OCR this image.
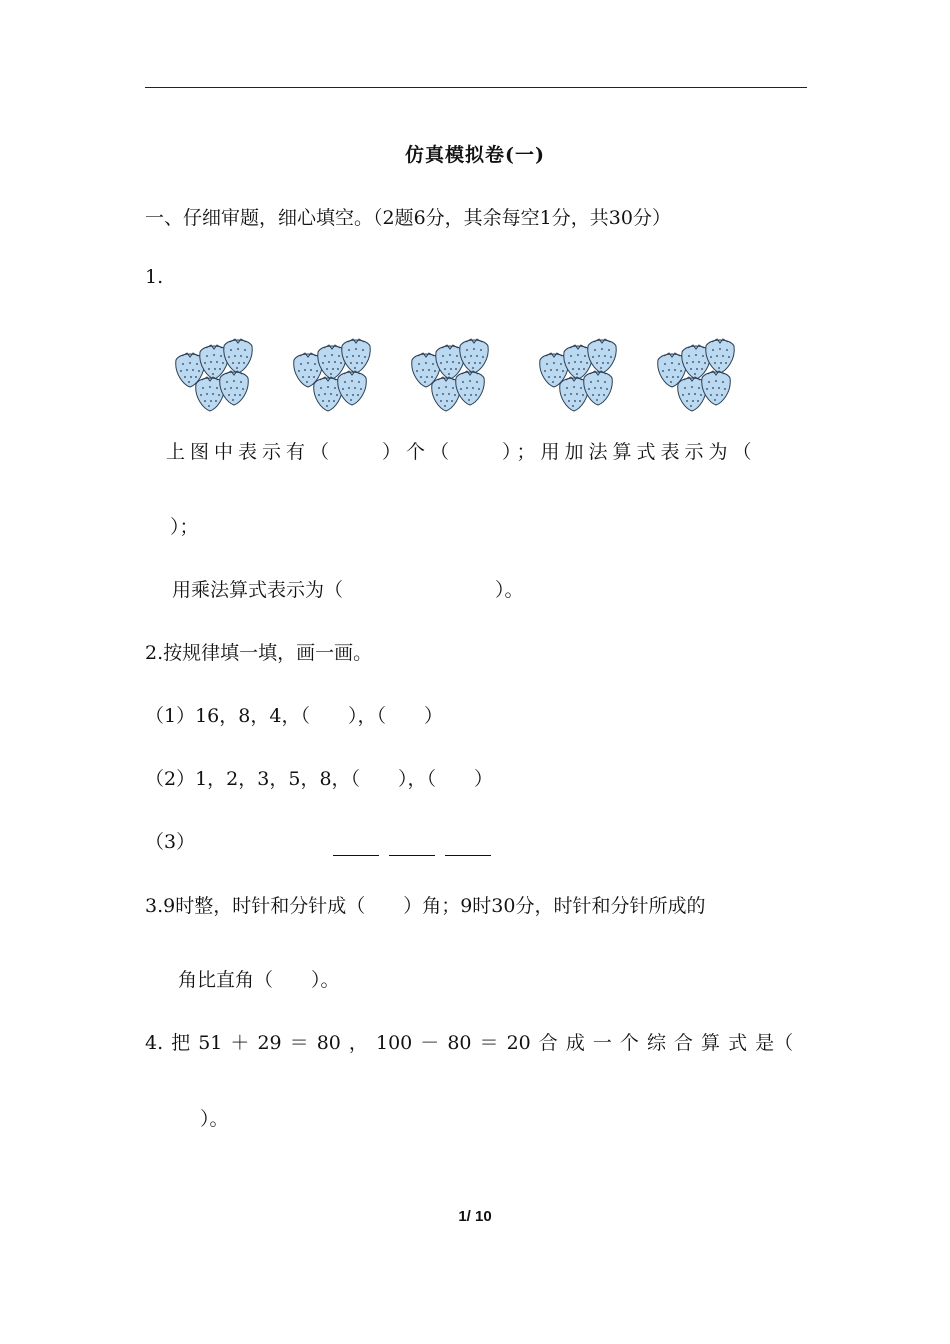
仿真模拟卷(一)
一、仔细审题，细心填空。（2题6分，其余每空1分，共30分）
1.
上图中表示有（　　）个（　　）；用加法算式表示为（
）；
用乘法算式表示为（　　　　　　　　）。
2.按规律填一填，画一画。
（1）16，8，4，（　　），（　　）
（2）1，2，3，5，8，（　　），（　　）
（3）
3.9时整，时针和分针成（　　）角；9时30分，时针和分针所成的
角比直角（　　）。
4. 把 51 ＋ 29 ＝ 80 ， 100 － 80 ＝ 20 合 成 一 个 综 合 算 式 是（
）。
1/ 10
